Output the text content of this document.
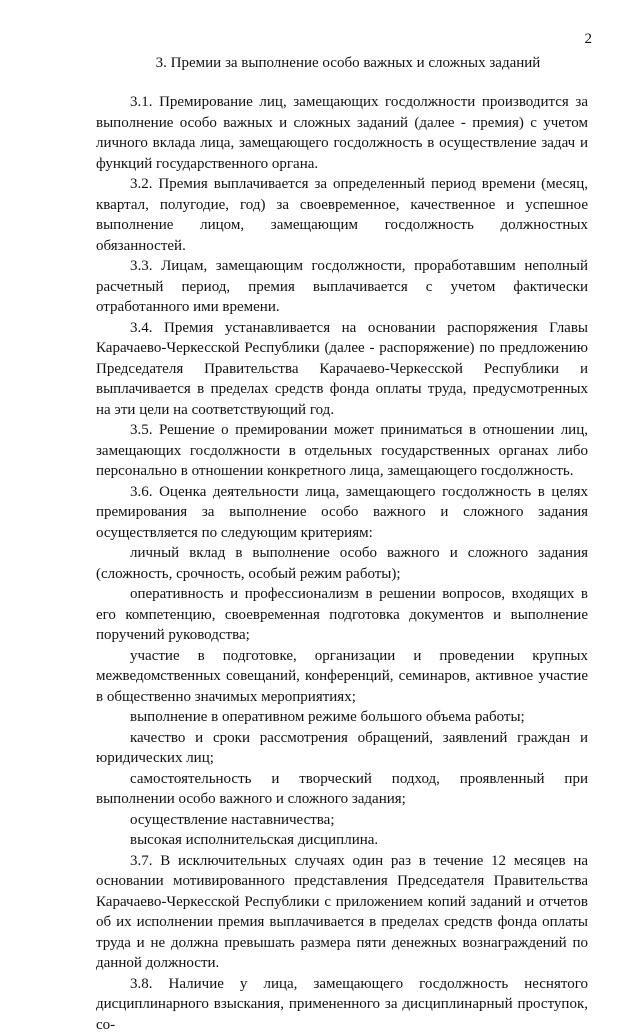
2
3. Премии за выполнение особо важных и сложных заданий

3.1. Премирование лиц, замещающих госдолжности производится за выполнение особо важных и сложных заданий (далее - премия) с учетом личного вклада лица, замещающего госдолжность в осуществление задач и функций государственного органа.

3.2. Премия выплачивается за определенный период времени (месяц, квартал, полугодие, год) за своевременное, качественное и успешное выполнение лицом, замещающим госдолжность должностных обязанностей.

3.3. Лицам, замещающим госдолжности, проработавшим неполный расчетный период, премия выплачивается с учетом фактически отработанного ими времени.

3.4. Премия устанавливается на основании распоряжения Главы Карачаево-Черкесской Республики (далее - распоряжение) по предложению Председателя Правительства Карачаево-Черкесской Республики и выплачивается в пределах средств фонда оплаты труда, предусмотренных на эти цели на соответствующий год.

3.5. Решение о премировании может приниматься в отношении лиц, замещающих госдолжности в отдельных государственных органах либо персонально в отношении конкретного лица, замещающего госдолжность.

3.6. Оценка деятельности лица, замещающего госдолжность в целях премирования за выполнение особо важного и сложного задания осуществляется по следующим критериям:

личный вклад в выполнение особо важного и сложного задания (сложность, срочность, особый режим работы);

оперативность и профессионализм в решении вопросов, входящих в его компетенцию, своевременная подготовка документов и выполнение поручений руководства;

участие в подготовке, организации и проведении крупных межведомственных совещаний, конференций, семинаров, активное участие в общественно значимых мероприятиях;

выполнение в оперативном режиме большого объема работы;

качество и сроки рассмотрения обращений, заявлений граждан и юридических лиц;

самостоятельность и творческий подход, проявленный при выполнении особо важного и сложного задания;

осуществление наставничества;

высокая исполнительская дисциплина.

3.7. В исключительных случаях один раз в течение 12 месяцев на основании мотивированного представления Председателя Правительства Карачаево-Черкесской Республики с приложением копий заданий и отчетов об их исполнении премия выплачивается в пределах средств фонда оплаты труда и не должна превышать размера пяти денежных вознаграждений по данной должности.

3.8. Наличие у лица, замещающего госдолжность неснятого дисциплинарного взыскания, примененного за дисциплинарный проступок, со-
